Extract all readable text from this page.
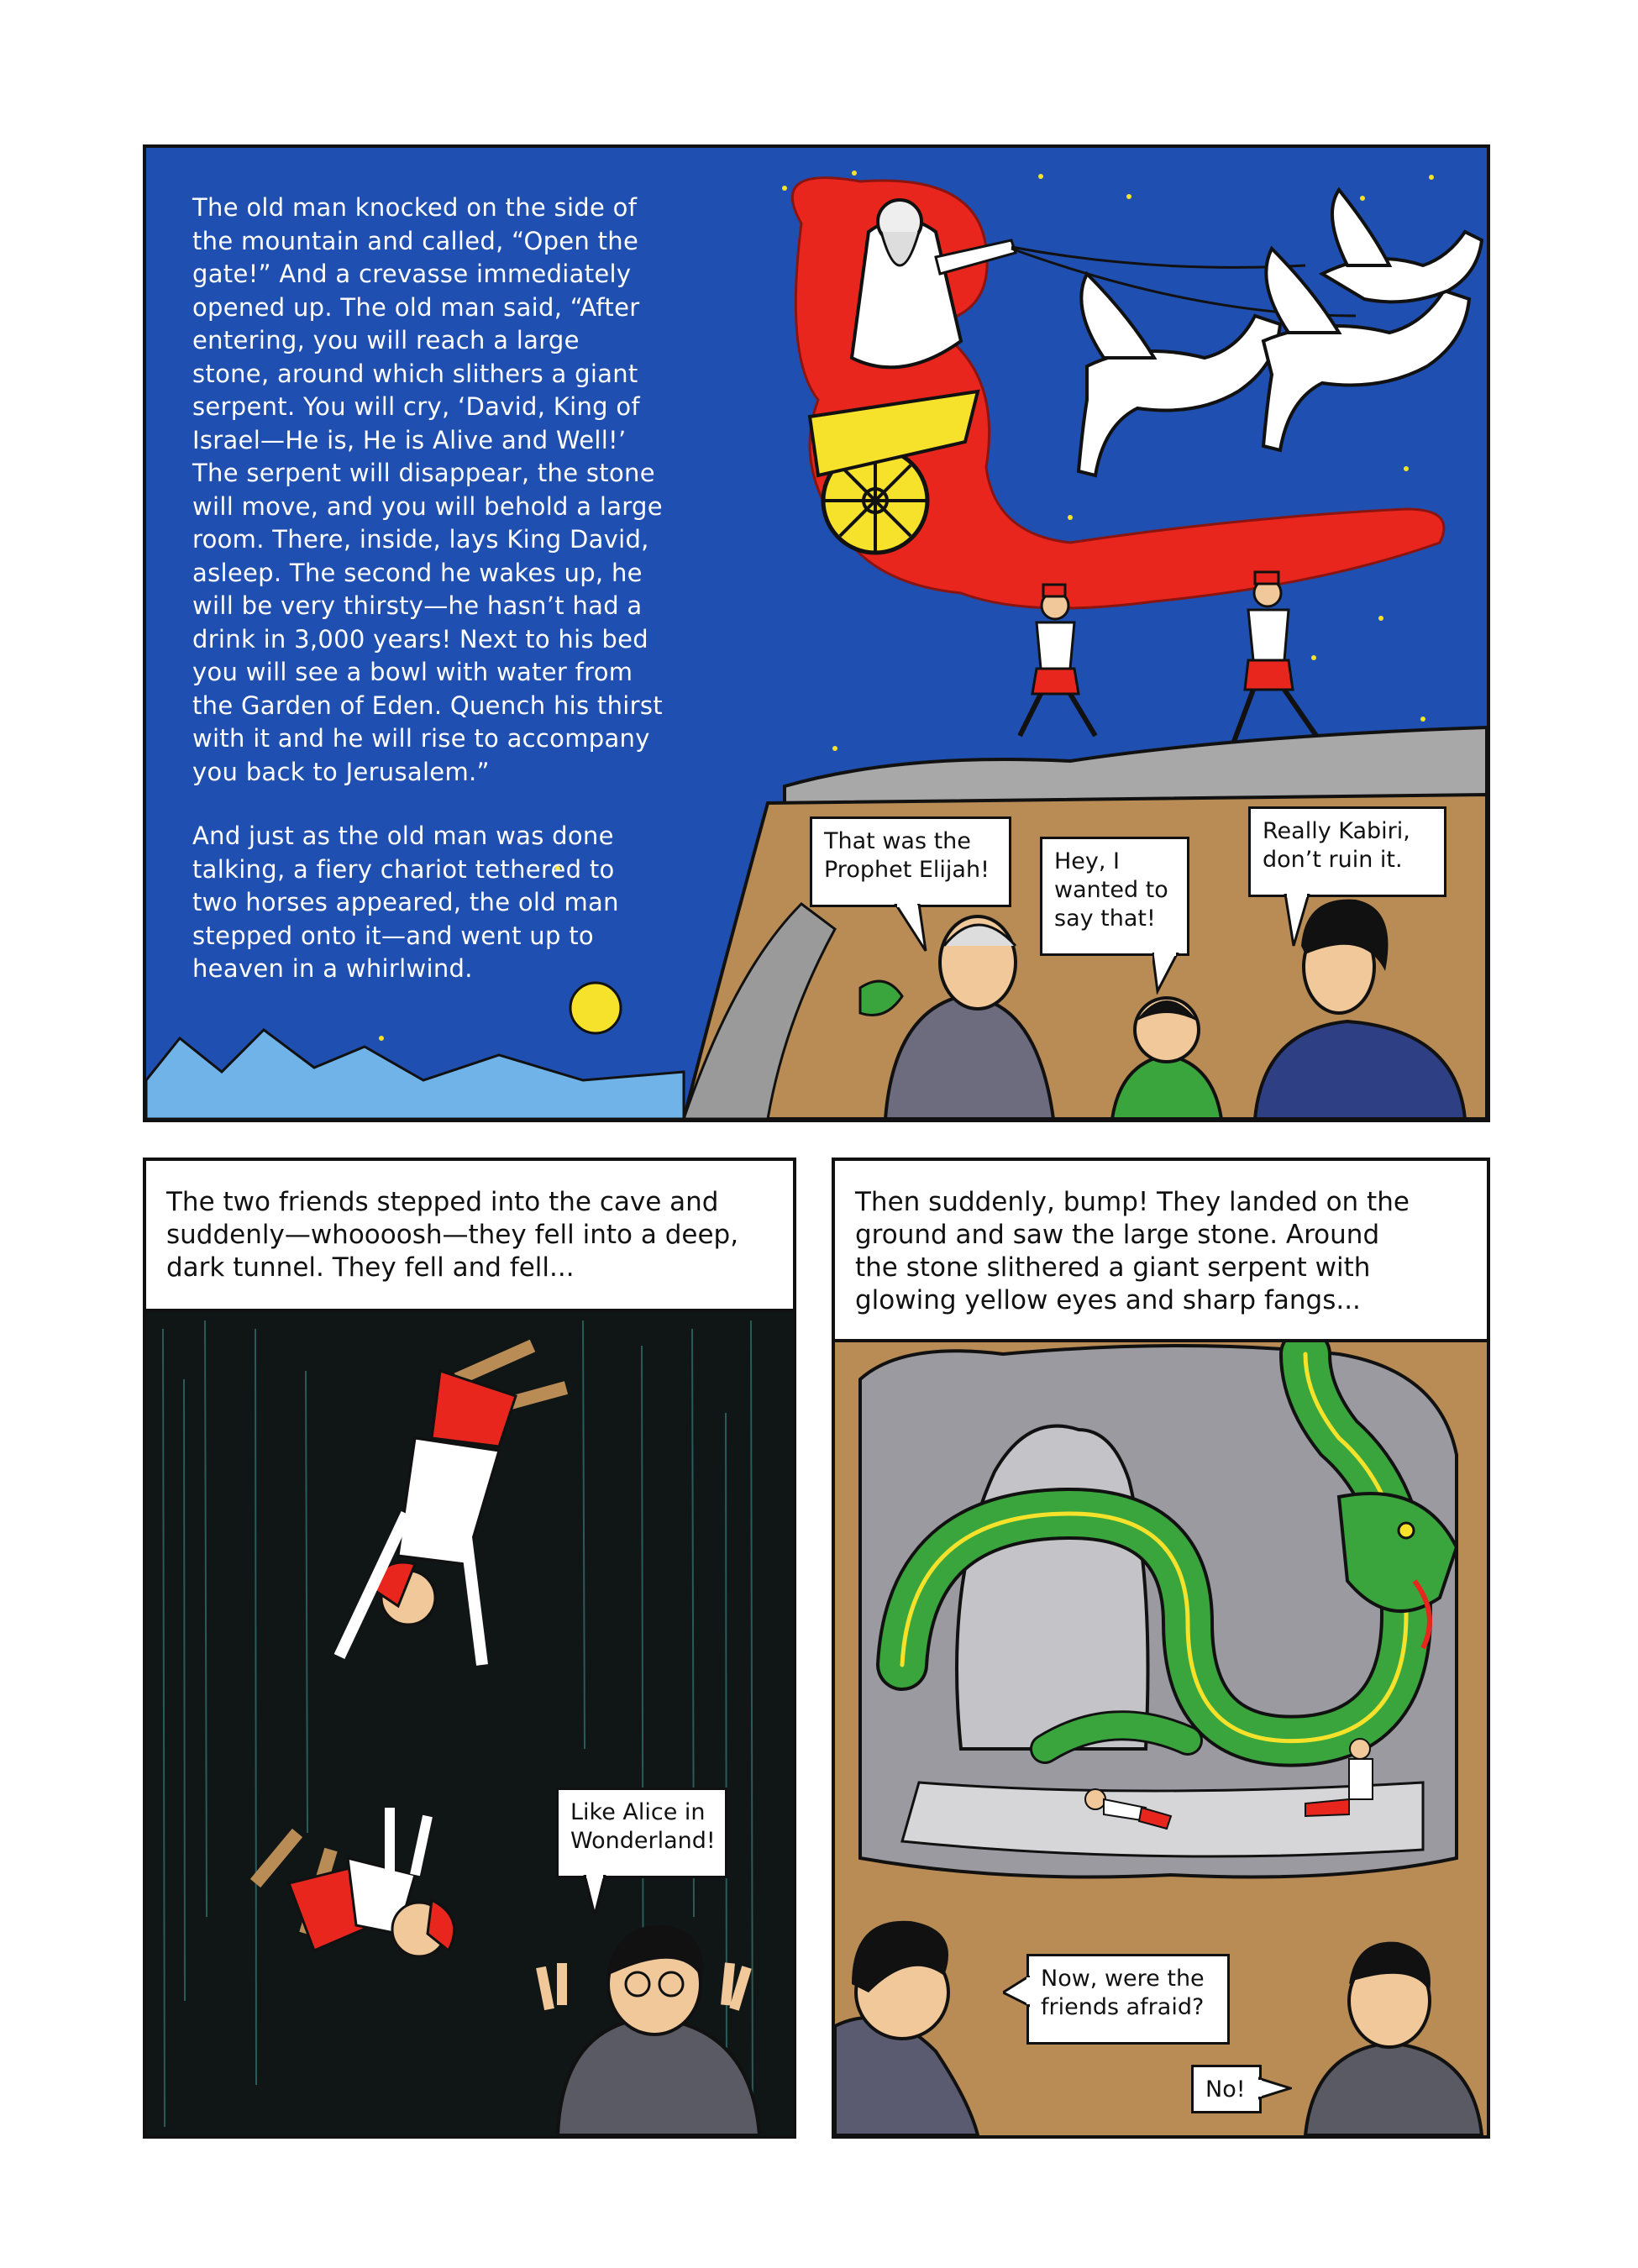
The old man knocked on the side of
the mountain and called, “Open the
gate!” And a crevasse immediately
opened up. The old man said, “After
entering, you will reach a large
stone, around which slithers a giant
serpent. You will cry, ‘David, King of
Israel—He is, He is Alive and Well!’
The serpent will disappear, the stone
will move, and you will behold a large
room. There, inside, lays King David,
asleep. The second he wakes up, he
will be very thirsty—he hasn’t had a
drink in 3,000 years! Next to his bed
you will see a bowl with water from
the Garden of Eden. Quench his thirst
with it and he will rise to accompany
you back to Jerusalem.”
And just as the old man was done
talking, a fiery chariot tethered to
two horses appeared, the old man
stepped onto it—and went up to
heaven in a whirlwind.
That was the
Prophet Elijah!	Hey, I
wanted to
say that!
Really Kabiri,
don’t ruin it.
The two friends stepped into the cave and
suddenly—whoooosh—they fell into a deep,
dark tunnel. They fell and fell...
Like Alice in
Wonderland!
Then suddenly, bump! They landed on the
ground and saw the large stone. Around
the stone slithered a giant serpent with
glowing yellow eyes and sharp fangs...
Now, were the
friends afraid?
No!
